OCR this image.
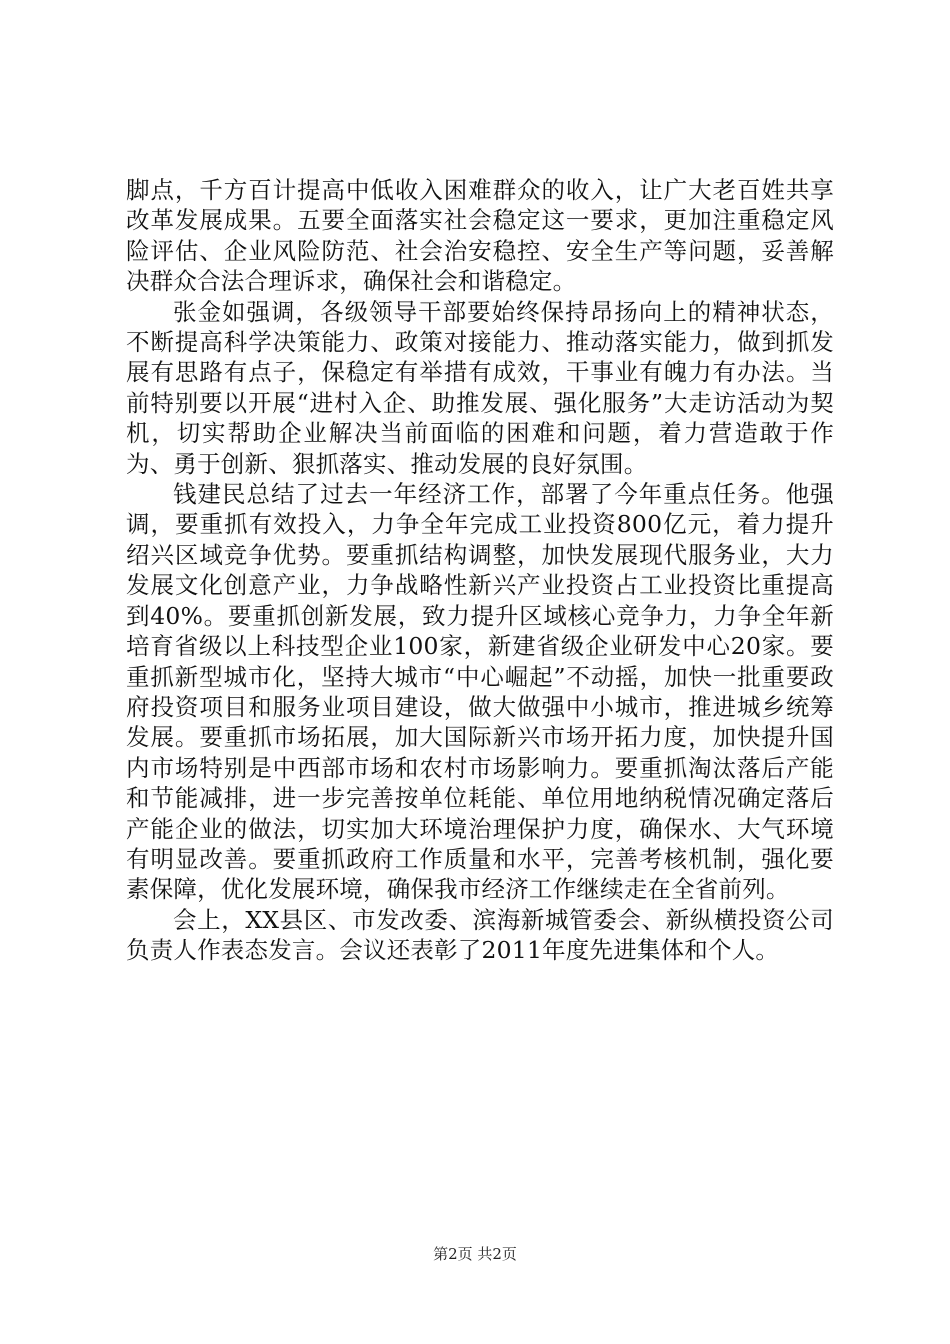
脚点，千方百计提高中低收入困难群众的收入，让广大老百姓共享改革发展成果。五要全面落实社会稳定这一要求，更加注重稳定风险评估、企业风险防范、社会治安稳控、安全生产等问题，妥善解决群众合法合理诉求，确保社会和谐稳定。

张金如强调，各级领导干部要始终保持昂扬向上的精神状态，不断提高科学决策能力、政策对接能力、推动落实能力，做到抓发展有思路有点子，保稳定有举措有成效，干事业有魄力有办法。当前特别要以开展“进村入企、助推发展、强化服务”大走访活动为契机，切实帮助企业解决当前面临的困难和问题，着力营造敢于作为、勇于创新、狠抓落实、推动发展的良好氛围。

钱建民总结了过去一年经济工作，部署了今年重点任务。他强调，要重抓有效投入，力争全年完成工业投资800亿元，着力提升绍兴区域竞争优势。要重抓结构调整，加快发展现代服务业，大力发展文化创意产业，力争战略性新兴产业投资占工业投资比重提高到40%。要重抓创新发展，致力提升区域核心竞争力，力争全年新培育省级以上科技型企业100家，新建省级企业研发中心20家。要重抓新型城市化，坚持大城市“中心崛起”不动摇，加快一批重要政府投资项目和服务业项目建设，做大做强中小城市，推进城乡统筹发展。要重抓市场拓展，加大国际新兴市场开拓力度，加快提升国内市场特别是中西部市场和农村市场影响力。要重抓淘汰落后产能和节能减排，进一步完善按单位耗能、单位用地纳税情况确定落后产能企业的做法，切实加大环境治理保护力度，确保水、大气环境有明显改善。要重抓政府工作质量和水平，完善考核机制，强化要素保障，优化发展环境，确保我市经济工作继续走在全省前列。

会上，XX县区、市发改委、滨海新城管委会、新纵横投资公司负责人作表态发言。会议还表彰了2011年度先进集体和个人。

第2页 共2页
